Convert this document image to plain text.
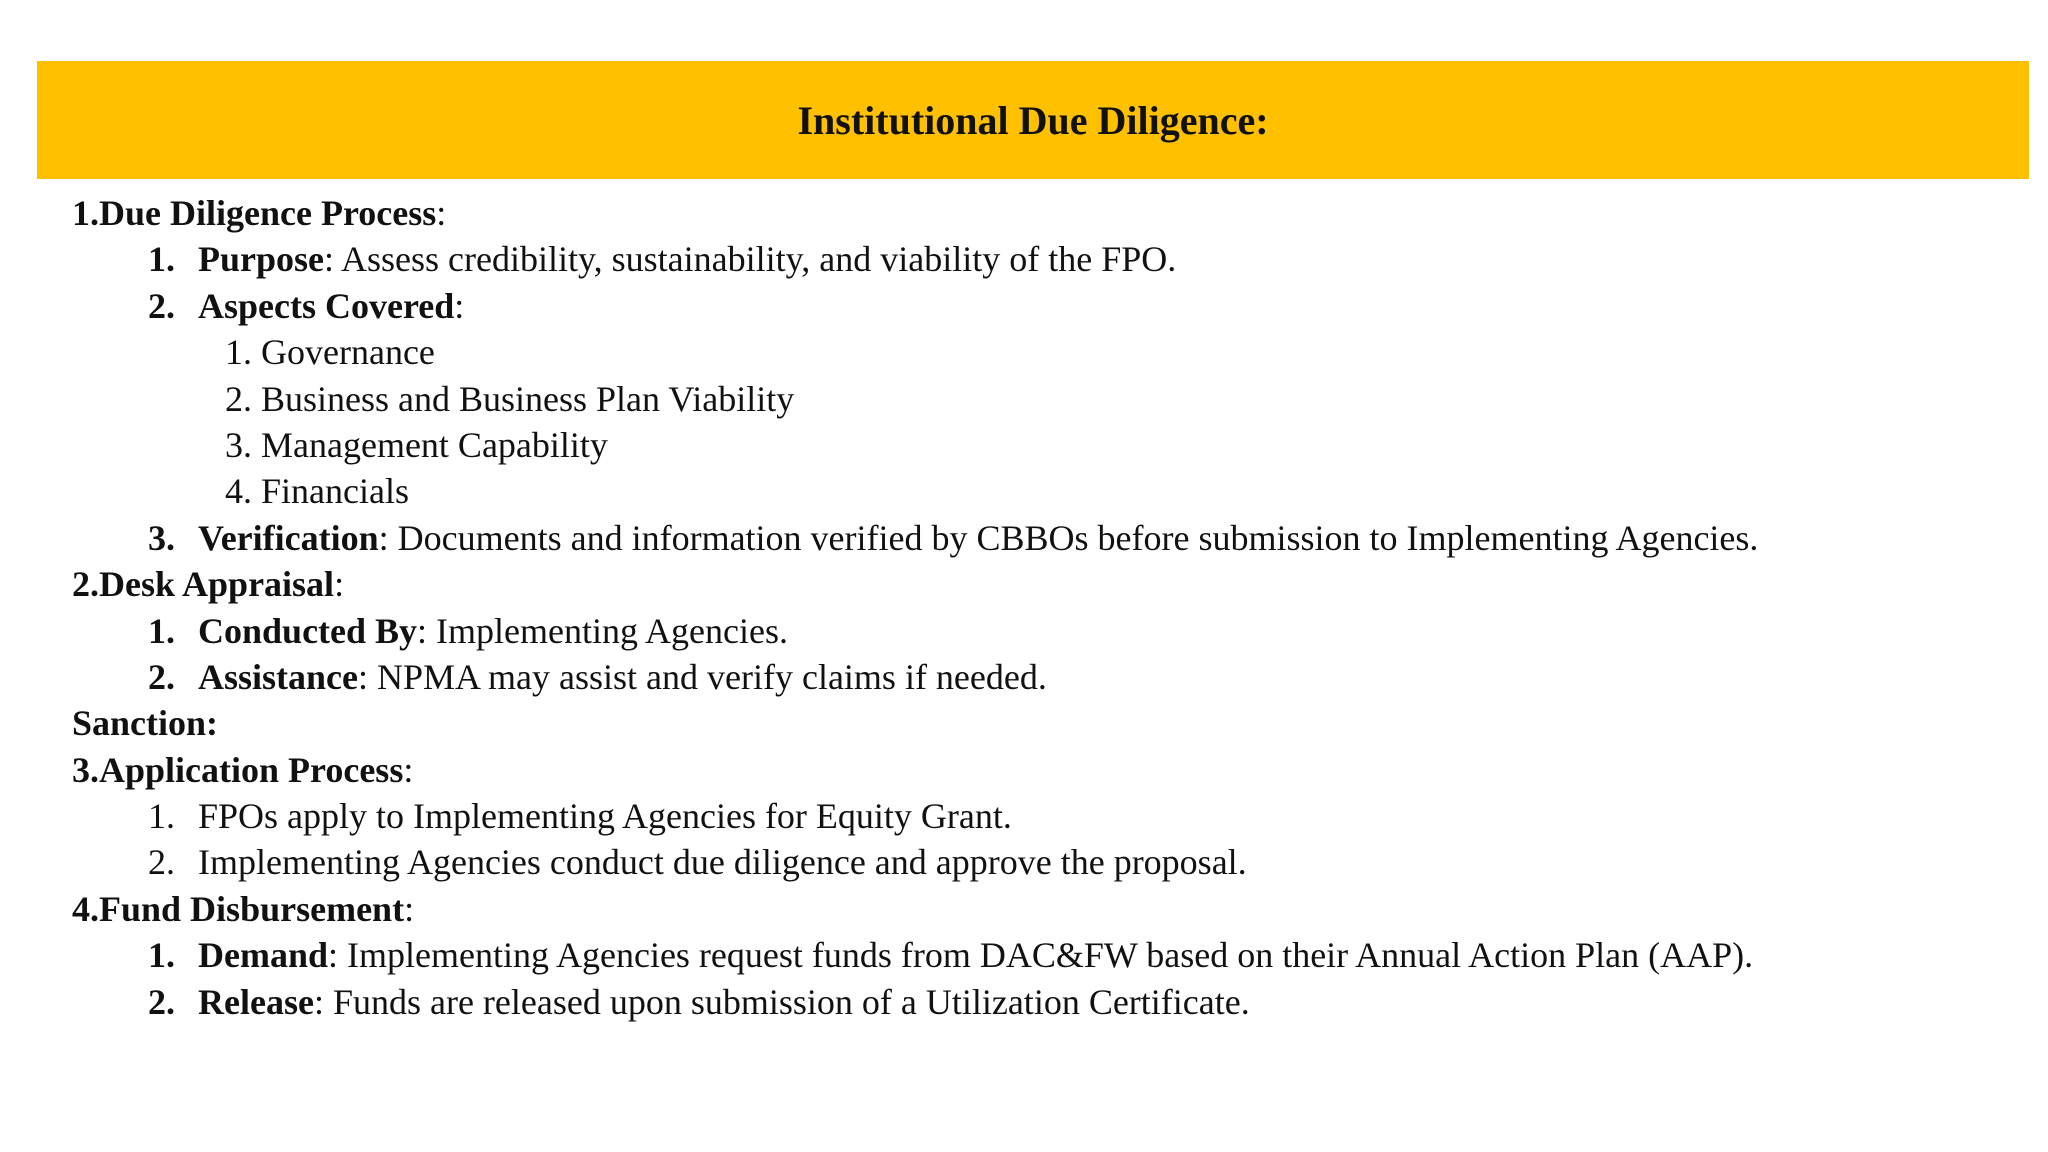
Institutional Due Diligence:
1.Due Diligence Process:
1. Purpose: Assess credibility, sustainability, and viability of the FPO.
2. Aspects Covered:
1. Governance
2. Business and Business Plan Viability
3. Management Capability
4. Financials
3. Verification: Documents and information verified by CBBOs before submission to Implementing Agencies.
2.Desk Appraisal:
1. Conducted By: Implementing Agencies.
2. Assistance: NPMA may assist and verify claims if needed.
Sanction:
3.Application Process:
1. FPOs apply to Implementing Agencies for Equity Grant.
2. Implementing Agencies conduct due diligence and approve the proposal.
4.Fund Disbursement:
1. Demand: Implementing Agencies request funds from DAC&FW based on their Annual Action Plan (AAP).
2. Release: Funds are released upon submission of a Utilization Certificate.
